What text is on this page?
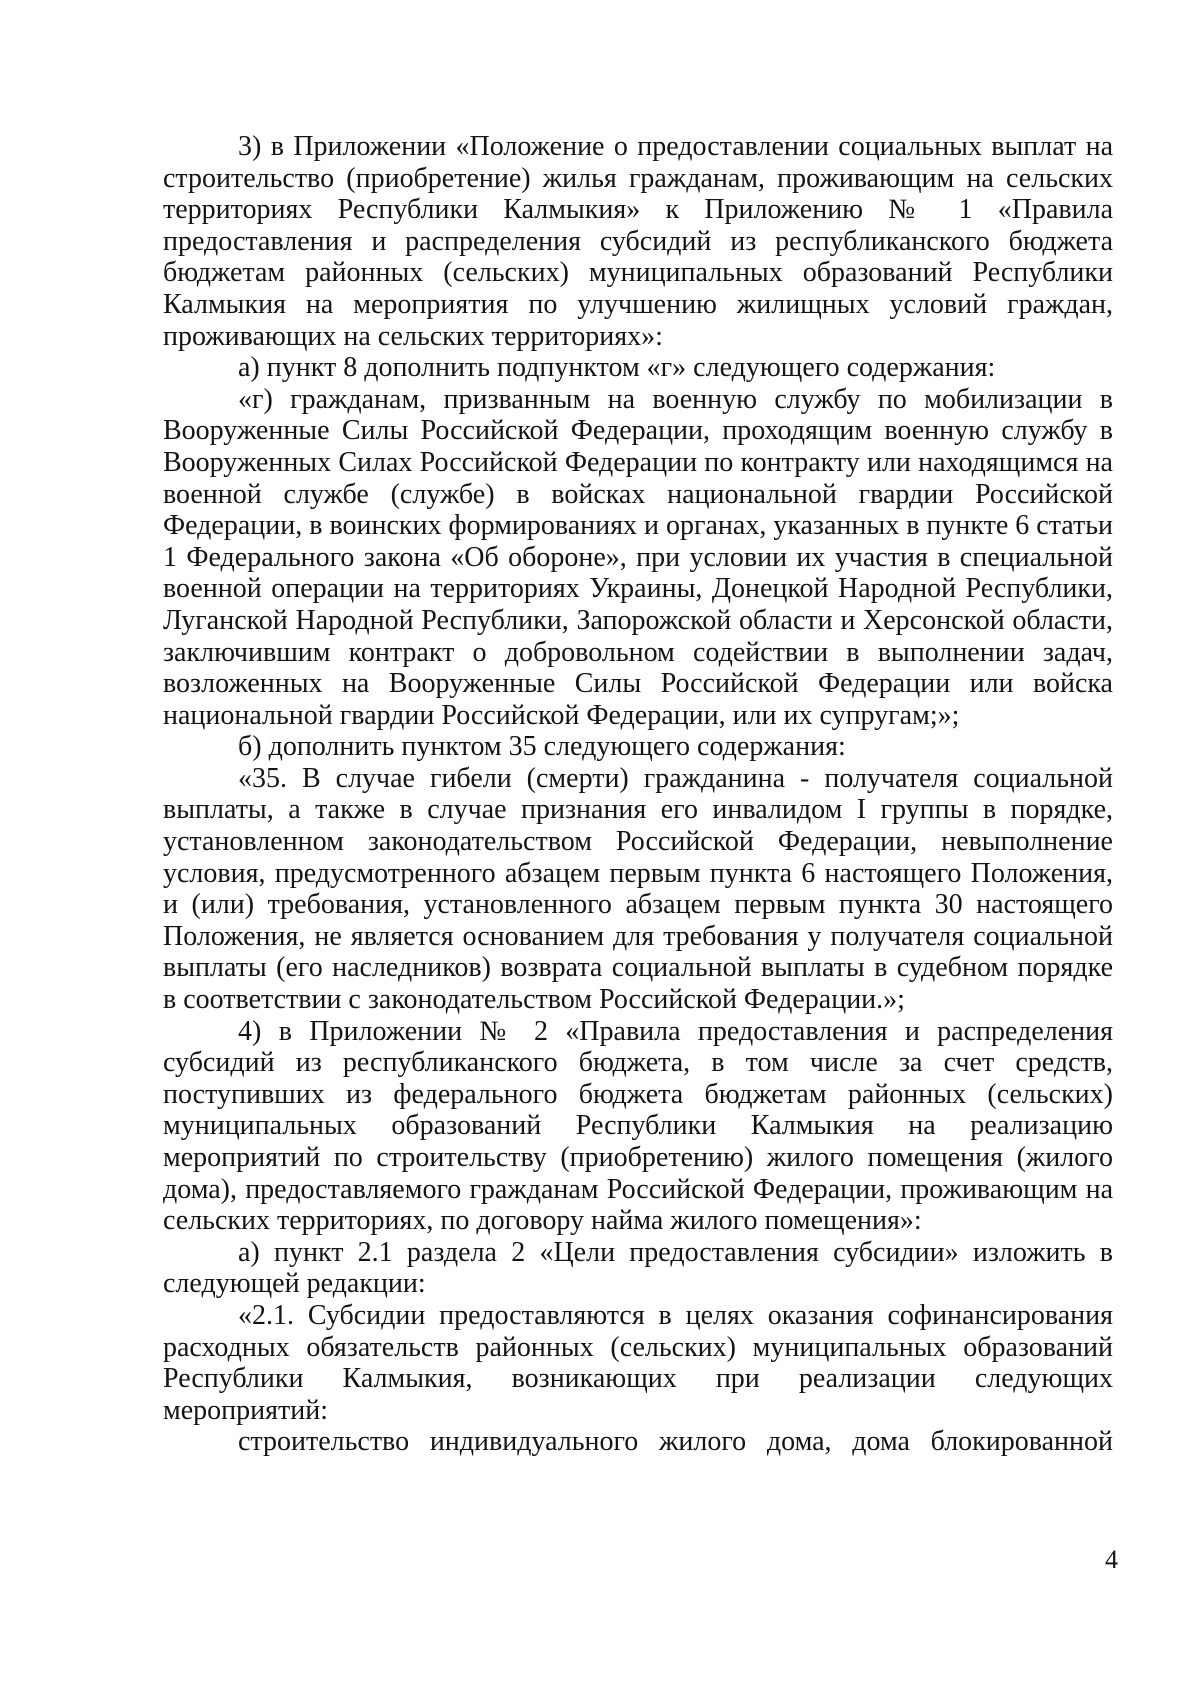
3) в Приложении «Положение о предоставлении социальных выплат на строительство (приобретение) жилья гражданам, проживающим на сельских территориях Республики Калмыкия» к Приложению № 1 «Правила предоставления и распределения субсидий из республиканского бюджета бюджетам районных (сельских) муниципальных образований Республики Калмыкия на мероприятия по улучшению жилищных условий граждан, проживающих на сельских территориях»:

а) пункт 8 дополнить подпунктом «г» следующего содержания:

«г) гражданам, призванным на военную службу по мобилизации в Вооруженные Силы Российской Федерации, проходящим военную службу в Вооруженных Силах Российской Федерации по контракту или находящимся на военной службе (службе) в войсках национальной гвардии Российской Федерации, в воинских формированиях и органах, указанных в пункте 6 статьи 1 Федерального закона «Об обороне», при условии их участия в специальной военной операции на территориях Украины, Донецкой Народной Республики, Луганской Народной Республики, Запорожской области и Херсонской области, заключившим контракт о добровольном содействии в выполнении задач, возложенных на Вооруженные Силы Российской Федерации или войска национальной гвардии Российской Федерации, или их супругам;»;

б) дополнить пунктом 35 следующего содержания:

«35. В случае гибели (смерти) гражданина - получателя социальной выплаты, а также в случае признания его инвалидом I группы в порядке, установленном законодательством Российской Федерации, невыполнение условия, предусмотренного абзацем первым пункта 6 настоящего Положения, и (или) требования, установленного абзацем первым пункта 30 настоящего Положения, не является основанием для требования у получателя социальной выплаты (его наследников) возврата социальной выплаты в судебном порядке в соответствии с законодательством Российской Федерации.»;

4) в Приложении № 2 «Правила предоставления и распределения субсидий из республиканского бюджета, в том числе за счет средств, поступивших из федерального бюджета бюджетам районных (сельских) муниципальных образований Республики Калмыкия на реализацию мероприятий по строительству (приобретению) жилого помещения (жилого дома), предоставляемого гражданам Российской Федерации, проживающим на сельских территориях, по договору найма жилого помещения»:

а) пункт 2.1 раздела 2 «Цели предоставления субсидии» изложить в следующей редакции:

«2.1. Субсидии предоставляются в целях оказания софинансирования расходных обязательств районных (сельских) муниципальных образований Республики Калмыкия, возникающих при реализации следующих мероприятий:

строительство индивидуального жилого дома, дома блокированной

4
